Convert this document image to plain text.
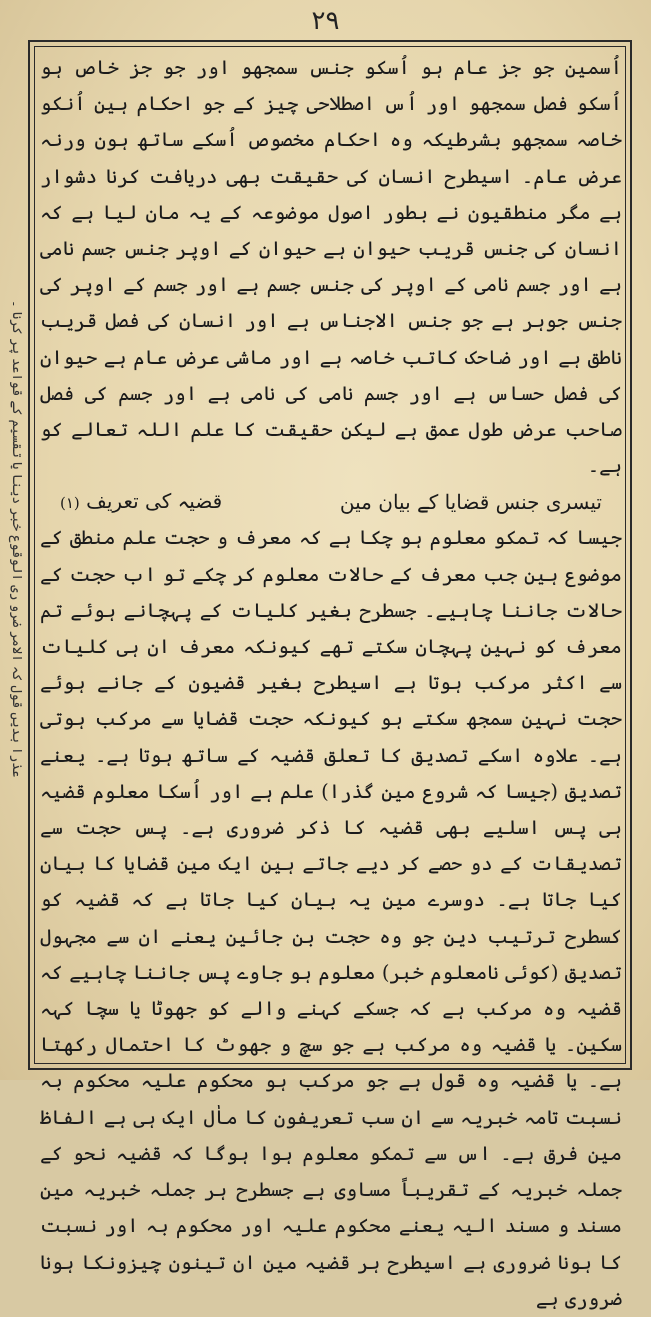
٢٩
عذرا بدیں قول کہ الامر ضرو ری الوقوع خبر دینا یا تقسیم کے قواعد پر کرنا ۔

اُسمین جو جز عام ہو اُسکو جنس سمجھو اور جو جز خاص ہو اُسکو فصل سمجھو اور اُس اصطلاحی چیز کے جو احکام ہین اُنکو خاصہ سمجھو بشرطیکہ وہ احکام مخصوص اُسکے ساتھ ہون ورنہ عرض عام۔ اسیطرح انسان کی حقیقت بھی دریافت کرنا دشوار ہے مگر منطقیون نے بطور اصول موضوعہ کے یہ مان لیا ہے کہ انسان کی جنس قریب حیوان ہے حیوان کے اوپر جنس جسم نامی ہے اور جسم نامی کے اوپر کی جنس جسم ہے اور جسم کے اوپر کی جنس جوہر ہے جو جنس الاجناس ہے اور انسان کی فصل قریب ناطق ہے اور ضاحک کاتب خاصہ ہے اور ماشی عرض عام ہے حیوان کی فصل حساس ہے اور جسم نامی کی نامی ہے اور جسم کی فصل صاحب عرض طول عمق ہے لیکن حقیقت کا علم اللہ تعالے کو ہے۔

تیسری جنس قضایا کے بیان مین
قضیہ کی تعریف (١)

جیسا کہ تمکو معلوم ہو چکا ہے کہ معرف و حجت علم منطق کے موضوع ہین جب معرف کے حالات معلوم کر چکے تو اب حجت کے حالات جاننا چاہیے۔ جسطرح بغیر کلیات کے پہچانے ہوئے تم معرف کو نہین پہچان سکتے تھے کیونکہ معرف ان ہی کلیات سے اکثر مرکب ہوتا ہے اسیطرح بغیر قضیون کے جانے ہوئے حجت نہین سمجھ سکتے ہو کیونکہ حجت قضایا سے مرکب ہوتی ہے۔ علاوہ اسکے تصدیق کا تعلق قضیہ کے ساتھ ہوتا ہے۔ یعنے تصدیق (جیسا کہ شروع مین گذرا) علم ہے اور اُسکا معلوم قضیہ ہی پس اسلیے بھی قضیہ کا ذکر ضروری ہے۔ پس حجت سے تصدیقات کے دو حصے کر دیے جاتے ہین ایک مین قضایا کا بیان کیا جاتا ہے۔ دوسرے مین یہ بیان کیا جاتا ہے کہ قضیہ کو کسطرح ترتیب دین جو وہ حجت بن جائین یعنے ان سے مجہول تصدیق (کوئی نامعلوم خبر) معلوم ہو جاوے پس جاننا چاہیے کہ قضیہ وہ مرکب ہے کہ جسکے کہنے والے کو جھوٹا یا سچا کہہ سکین۔ یا قضیہ وہ مرکب ہے جو سچ و جھوٹ کا احتمال رکھتا ہے۔ یا قضیہ وہ قول ہے جو مرکب ہو محکوم علیہ محکوم بہ نسبت تامہ خبریہ سے ان سب تعریفون کا ماٰل ایک ہی ہے الفاظ مین فرق ہے۔ اس سے تمکو معلوم ہوا ہوگا کہ قضیہ نحو کے جملہ خبریہ کے تقریباً مساوی ہے جسطرح ہر جملہ خبریہ مین مسند و مسند الیہ یعنے محکوم علیہ اور محکوم بہ اور نسبت کا ہونا ضروری ہے اسیطرح ہر قضیہ مین ان تینون چیزونکا ہونا ضروری ہے
